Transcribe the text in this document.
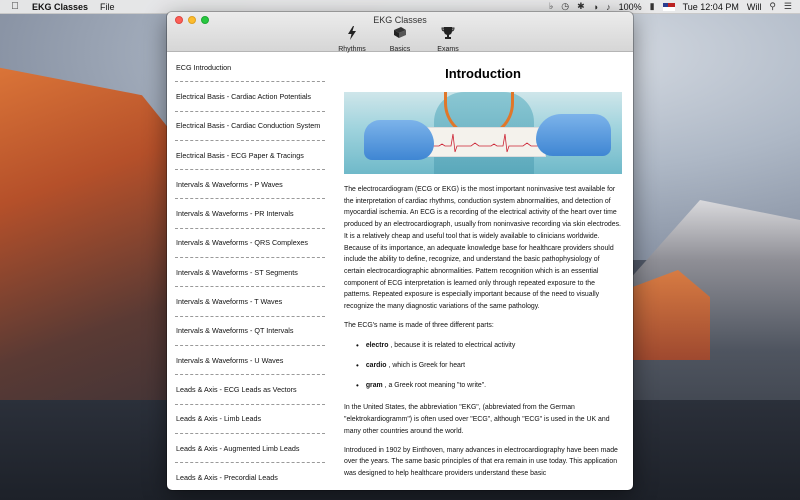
EKG Classes File	♭ ◷ ✱ ◑ ♪ 100% ▮	Tue 12:04 PM Will ⚲ ☰
EKG Classes
Rhythms	Basics	Exams
ECG Introduction
Electrical Basis - Cardiac Action Potentials
Electrical Basis - Cardiac Conduction System
Electrical Basis - ECG Paper & Tracings
Intervals & Waveforms - P Waves
Intervals & Waveforms - PR Intervals
Intervals & Waveforms - QRS Complexes
Intervals & Waveforms - ST Segments
Intervals & Waveforms - T Waves
Intervals & Waveforms - QT Intervals
Intervals & Waveforms - U Waves
Leads & Axis - ECG Leads as Vectors
Leads & Axis - Limb Leads
Leads & Axis - Augmented Limb Leads
Leads & Axis - Precordial Leads
Introduction

The electrocardiogram (ECG or EKG) is the most important noninvasive test available for the interpretation of cardiac rhythms, conduction system abnormalities, and detection of myocardial ischemia. An ECG is a recording of the electrical activity of the heart over time produced by an electrocardiograph, usually from noninvasive recording via skin electrodes. It is a relatively cheap and useful tool that is widely available to clinicians worldwide. Because of its importance, an adequate knowledge base for healthcare providers should include the ability to define, recognize, and understand the basic pathophysiology of certain electrocardiographic abnormalities. Pattern recognition which is an essential component of ECG interpretation is learned only through repeated exposure to the patterns. Repeated exposure is especially important because of the need to visually recognize the many diagnostic variations of the same pathology.

The ECG's name is made of three different parts:

• electro , because it is related to electrical activity
• cardio , which is Greek for heart
• gram , a Greek root meaning "to write".

In the United States, the abbreviation "EKG", (abbreviated from the German "elektrokardiogramm") is often used over "ECG", although "ECG" is used in the UK and many other countries around the world.

Introduced in 1902 by Einthoven, many advances in electrocardiography have been made over the years. The same basic principles of that era remain in use today. This application was designed to help healthcare providers understand these basic
